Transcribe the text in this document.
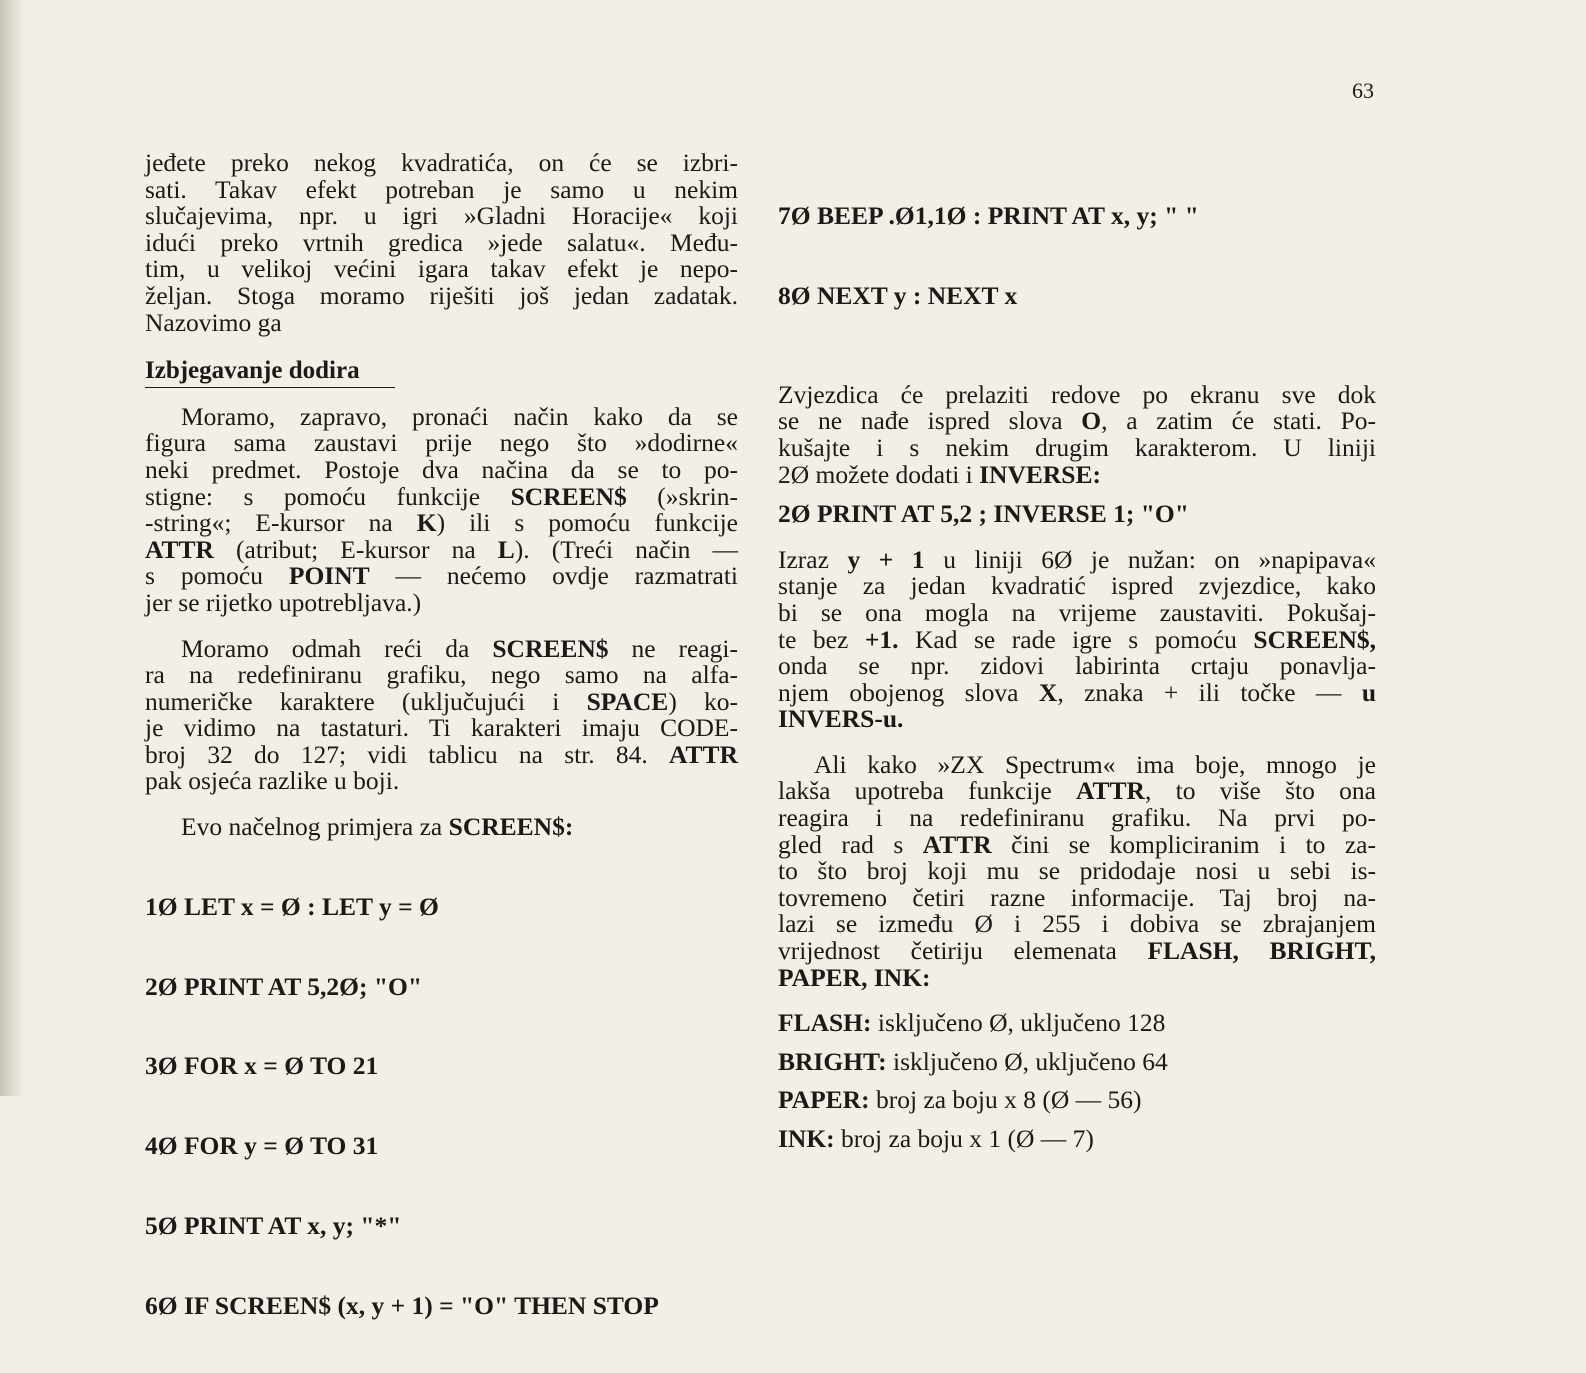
63
jeđete preko nekog kvadratića, on će se izbri-
sati. Takav efekt potreban je samo u nekim
slučajevima, npr. u igri »Gladni Horacije« koji
idući preko vrtnih gredica »jede salatu«. Među-
tim, u velikoj većini igara takav efekt je nepo-
željan. Stoga moramo riješiti još jedan zadatak.
Nazovimo ga
Izbjegavanje dodira
Moramo, zapravo, pronaći način kako da se
figura sama zaustavi prije nego što »dodirne«
neki predmet. Postoje dva načina da se to po-
stigne: s pomoću funkcije SCREEN$ (»skrin-
-string«; E-kursor na K) ili s pomoću funkcije
ATTR (atribut; E-kursor na L). (Treći način —
s pomoću POINT — nećemo ovdje razmatrati
jer se rijetko upotrebljava.)
Moramo odmah reći da SCREEN$ ne reagi-
ra na redefiniranu grafiku, nego samo na alfa-
numeričke karaktere (uključujući i SPACE) ko-
je vidimo na tastaturi. Ti karakteri imaju CODE-
broj 32 do 127; vidi tablicu na str. 84. ATTR
pak osjeća razlike u boji.
Evo načelnog primjera za SCREEN$:

1Ø LET x = Ø : LET y = Ø

2Ø PRINT AT 5,2Ø; "O"

3Ø FOR x = Ø TO 21

4Ø FOR y = Ø TO 31

5Ø PRINT AT x, y; "*"

6Ø IF SCREEN$ (x, y + 1) = "O" THEN STOP

7Ø BEEP .Ø1,1Ø : PRINT AT x, y; " "

8Ø NEXT y : NEXT x

Zvjezdica će prelaziti redove po ekranu sve dok
se ne nađe ispred slova O, a zatim će stati. Po-
kušajte i s nekim drugim karakterom. U liniji
2Ø možete dodati i INVERSE:
2Ø PRINT AT 5,2 ; INVERSE 1; "O"
Izraz y + 1 u liniji 6Ø je nužan: on »napipava«
stanje za jedan kvadratić ispred zvjezdice, kako
bi se ona mogla na vrijeme zaustaviti. Pokušaj-
te bez +1. Kad se rade igre s pomoću SCREEN$,
onda se npr. zidovi labirinta crtaju ponavlja-
njem obojenog slova X, znaka + ili točke — u
INVERS-u.
Ali kako »ZX Spectrum« ima boje, mnogo je
lakša upotreba funkcije ATTR, to više što ona
reagira i na redefiniranu grafiku. Na prvi po-
gled rad s ATTR čini se kompliciranim i to za-
to što broj koji mu se pridodaje nosi u sebi is-
tovremeno četiri razne informacije. Taj broj na-
lazi se između Ø i 255 i dobiva se zbrajanjem
vrijednost četiriju elemenata FLASH, BRIGHT,
PAPER, INK:
FLASH: isključeno Ø, uključeno 128
BRIGHT: isključeno Ø, uključeno 64
PAPER: broj za boju x 8 (Ø — 56)
INK: broj za boju x 1 (Ø — 7)
